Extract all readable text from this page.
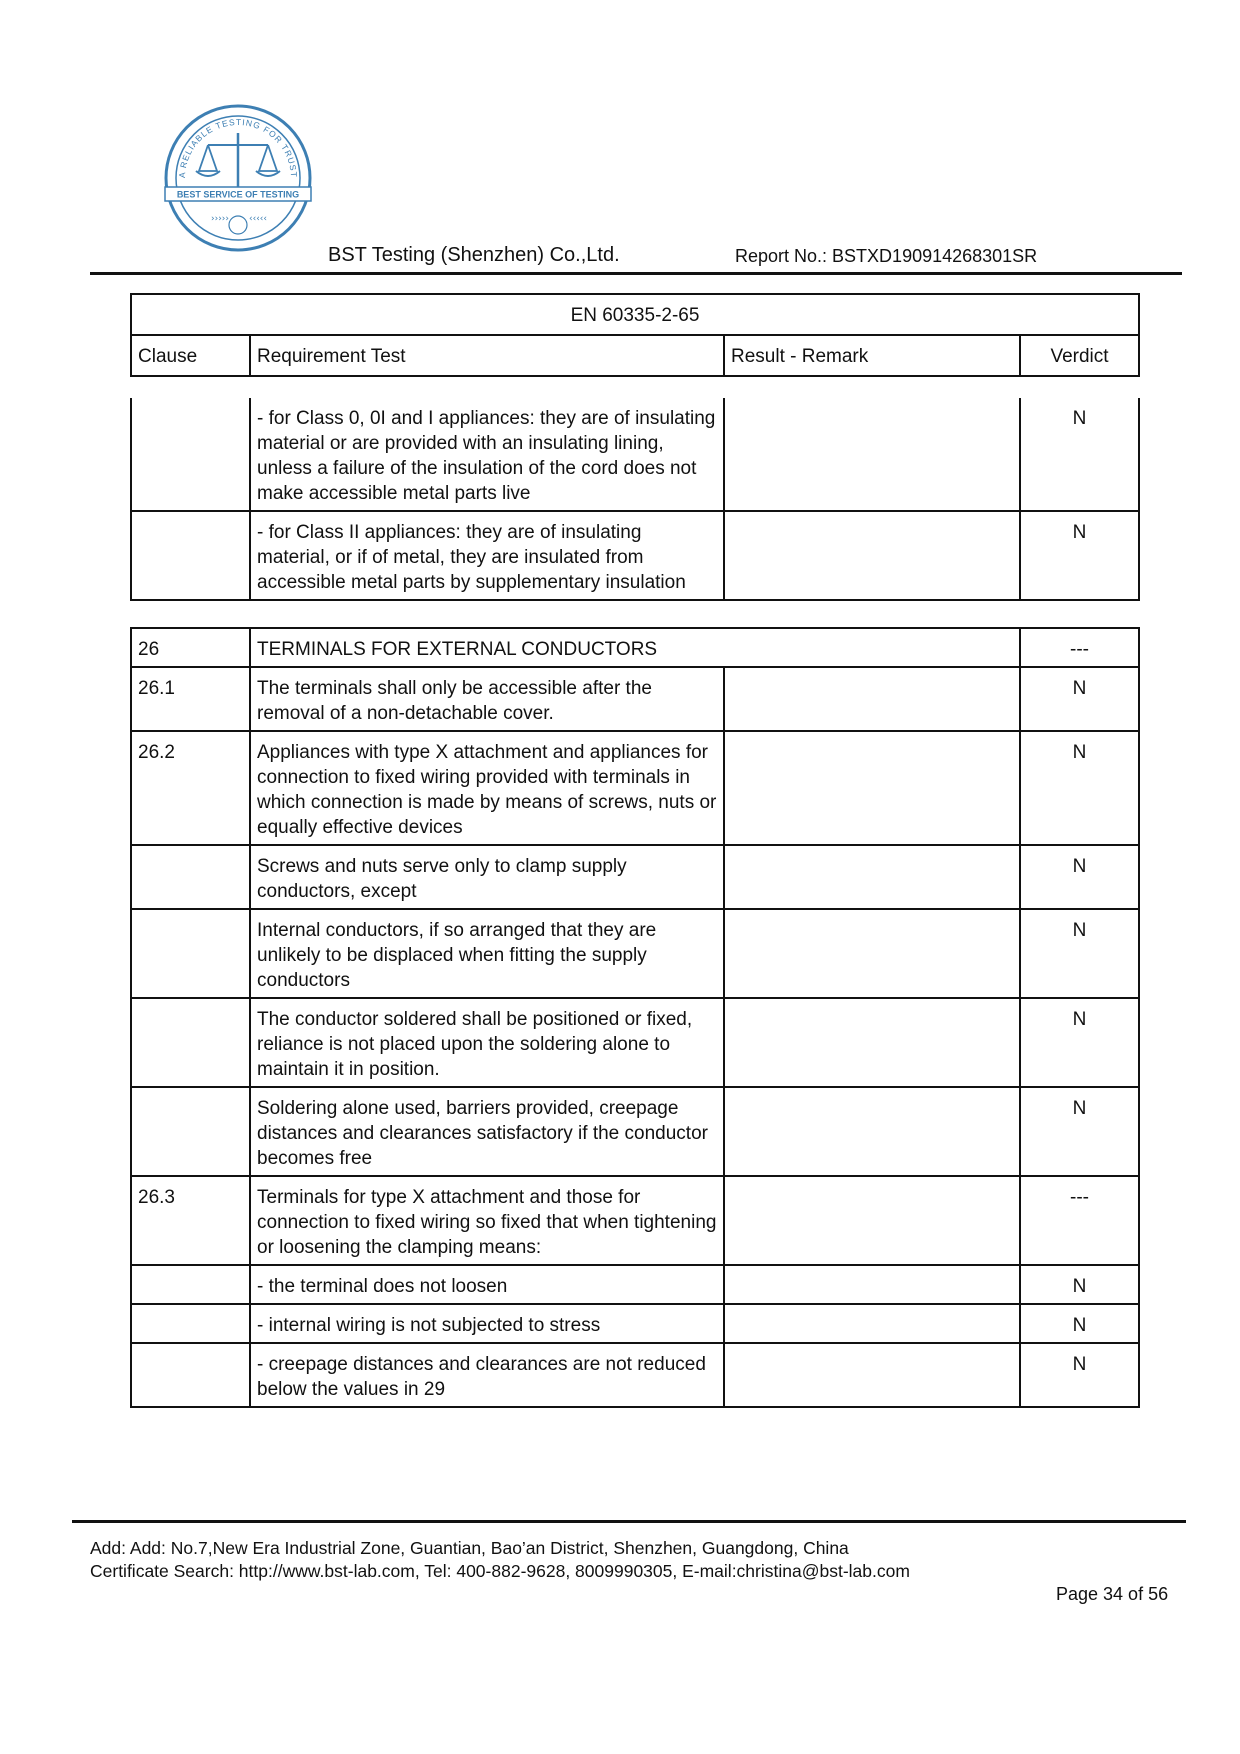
A RELIABLE TESTING FOR TRUST
BEST SERVICE OF TESTING
››››› ‹‹‹‹‹
BST Testing (Shenzhen) Co.,Ltd.	Report No.: BSTXD190914268301SR
EN 60335-2-65
Clause	Requirement Test	Result - Remark	Verdict
	- for Class 0, 0I and I appliances: they are of insulating material or are provided with an insulating lining, unless a failure of the insulation of the cord does not make accessible metal parts live		N
	- for Class II appliances: they are of insulating material, or if of metal, they are insulated from accessible metal parts by supplementary insulation		N
26	TERMINALS FOR EXTERNAL CONDUCTORS		---
26.1	The terminals shall only be accessible after the removal of a non-detachable cover.		N
26.2	Appliances with type X attachment and appliances for connection to fixed wiring provided with terminals in which connection is made by means of screws, nuts or equally effective devices		N
	Screws and nuts serve only to clamp supply conductors, except		N
	Internal conductors, if so arranged that they are unlikely to be displaced when fitting the supply conductors		N
	The conductor soldered shall be positioned or fixed, reliance is not placed upon the soldering alone to maintain it in position.		N
	Soldering alone used, barriers provided, creepage distances and clearances satisfactory if the conductor becomes free		N
26.3	Terminals for type X attachment and those for connection to fixed wiring so fixed that when tightening or loosening the clamping means:		---
	- the terminal does not loosen		N
	- internal wiring is not subjected to stress		N
	- creepage distances and clearances are not reduced below the values in 29		N
Add: Add: No.7,New Era Industrial Zone, Guantian, Bao’an District, Shenzhen, Guangdong, China
Certificate Search: http://www.bst-lab.com, Tel: 400-882-9628, 8009990305, E-mail:christina@bst-lab.com
Page 34 of 56
